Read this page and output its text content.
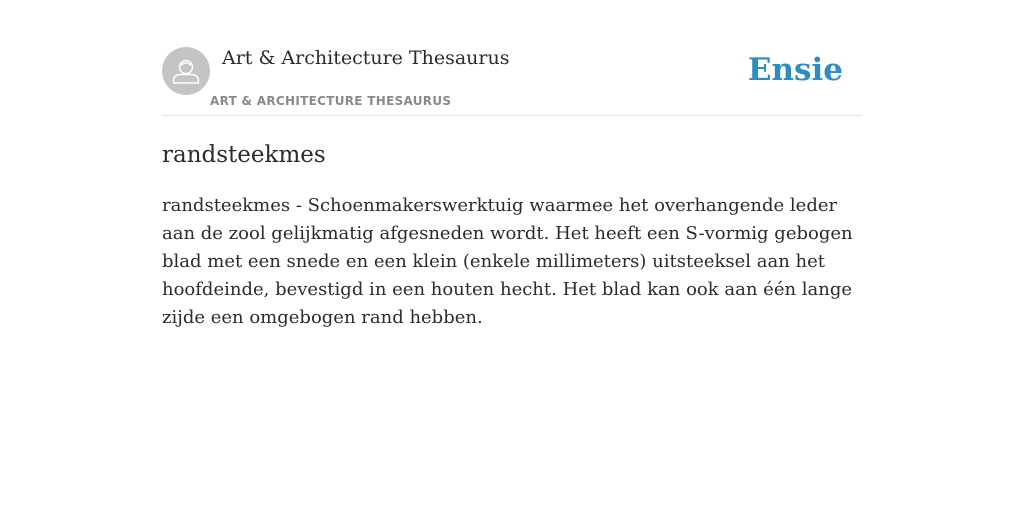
Art & Architecture Thesaurus
ART & ARCHITECTURE THESAURUS
Ensie
randsteekmes

randsteekmes - Schoenmakerswerktuig waarmee het overhangende leder aan de zool gelijkmatig afgesneden wordt. Het heeft een S-vormig gebogen blad met een snede en een klein (enkele millimeters) uitsteeksel aan het hoofdeinde, bevestigd in een houten hecht. Het blad kan ook aan één lange zijde een omgebogen rand hebben.
